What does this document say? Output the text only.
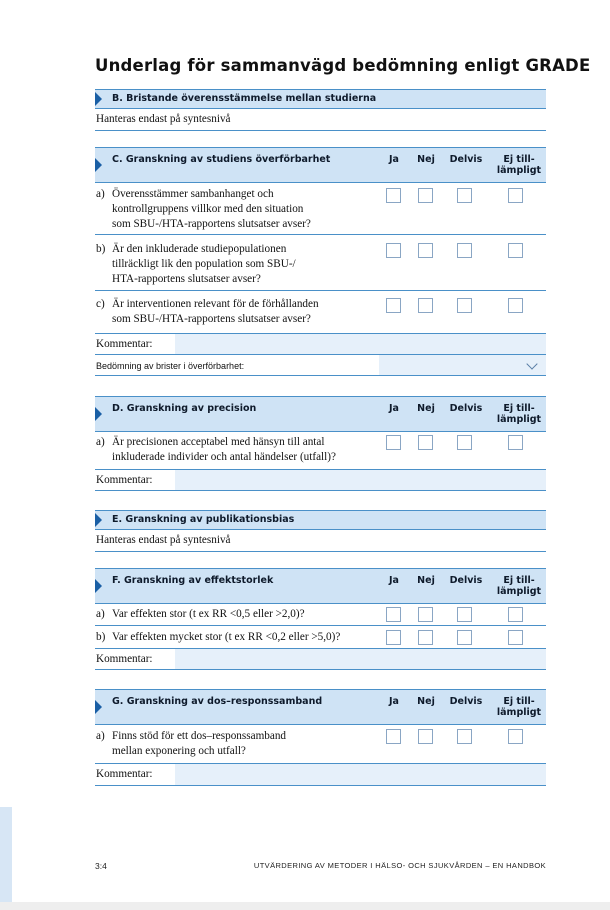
Underlag för sammanvägd bedömning enligt GRADE
B. Bristande överensstämmelse mellan studierna
Hanteras endast på syntesnivå
C. Granskning av studiens överförbarhet	Ja	Nej	Delvis	Ej till-
lämpligt
a) Överensstämmer sambanhanget och
kontrollgruppens villkor med den situation
som SBU-/HTA-rapportens slutsatser avser?
b) Är den inkluderade studiepopulationen
tillräckligt lik den population som SBU-/
HTA-rapportens slutsatser avser?
c) Är interventionen relevant för de förhållanden
som SBU-/HTA-rapportens slutsatser avser?
Kommentar:
Bedömning av brister i överförbarhet:
D. Granskning av precision	Ja	Nej	Delvis	Ej till-
lämpligt
a) Är precisionen acceptabel med hänsyn till antal
inkluderade individer och antal händelser (utfall)?
Kommentar:
E. Granskning av publikationsbias
Hanteras endast på syntesnivå
F. Granskning av effektstorlek	Ja	Nej	Delvis	Ej till-
lämpligt
a) Var effekten stor (t ex RR <0,5 eller >2,0)?
b) Var effekten mycket stor (t ex RR <0,2 eller >5,0)?
Kommentar:
G. Granskning av dos–responssamband	Ja	Nej	Delvis	Ej till-
lämpligt
a) Finns stöd för ett dos–responssamband
mellan exponering och utfall?
Kommentar:
3:4	UTVÄRDERING AV METODER I HÄLSO- OCH SJUKVÅRDEN – EN HANDBOK
